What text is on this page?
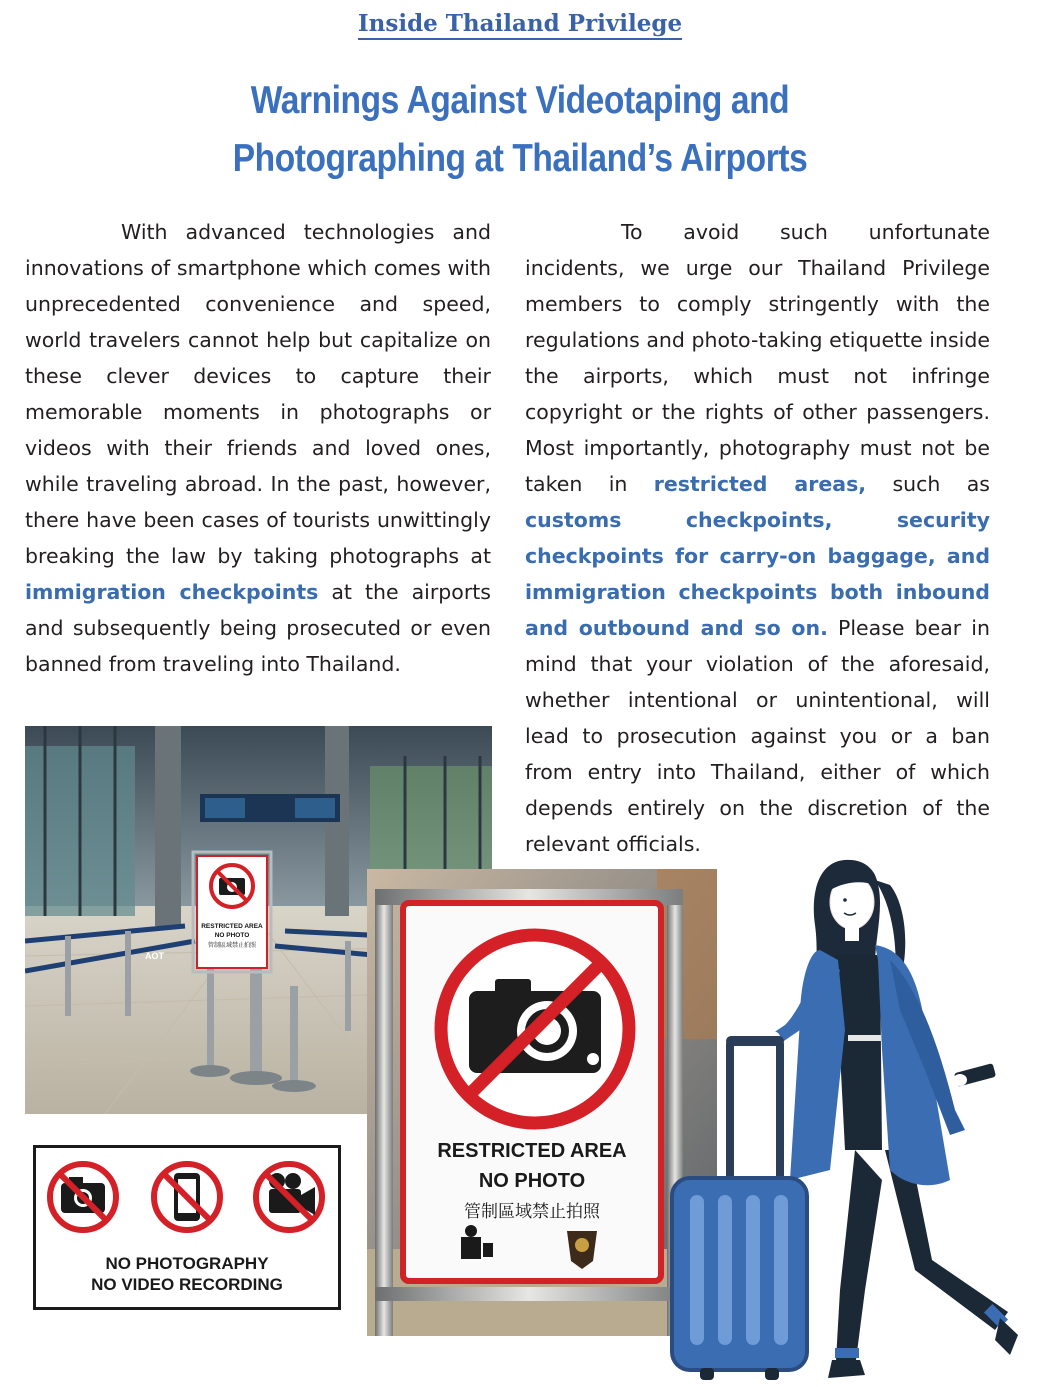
Inside Thailand Privilege
Warnings Against Videotaping and
Photographing at Thailand’s Airports
With advanced technologies and innovations of smartphone which comes with unprecedented convenience and speed, world travelers cannot help but capitalize on these clever devices to capture their memorable moments in photographs or videos with their friends and loved ones, while traveling abroad. In the past, however, there have been cases of tourists unwittingly breaking the law by taking photographs at immigration checkpoints at the airports and subsequently being prosecuted or even banned from traveling into Thailand.
To avoid such unfortunate incidents, we urge our Thailand Privilege members to comply stringently with the regulations and photo-taking etiquette inside the airports, which must not infringe copyright or the rights of other passengers. Most importantly, photography must not be taken in restricted areas, such as customs checkpoints, security checkpoints for carry-on baggage, and immigration checkpoints both inbound and outbound and so on. Please bear in mind that your violation of the aforesaid, whether intentional or unintentional, will lead to prosecution against you or a ban from entry into Thailand, either of which depends entirely on the discretion of the relevant officials.
AOT
RESTRICTED AREA
NO PHOTO
管制區域禁止拍照
RESTRICTED AREA
NO PHOTO
管制區域禁止拍照
NO PHOTOGRAPHY
NO VIDEO RECORDING
